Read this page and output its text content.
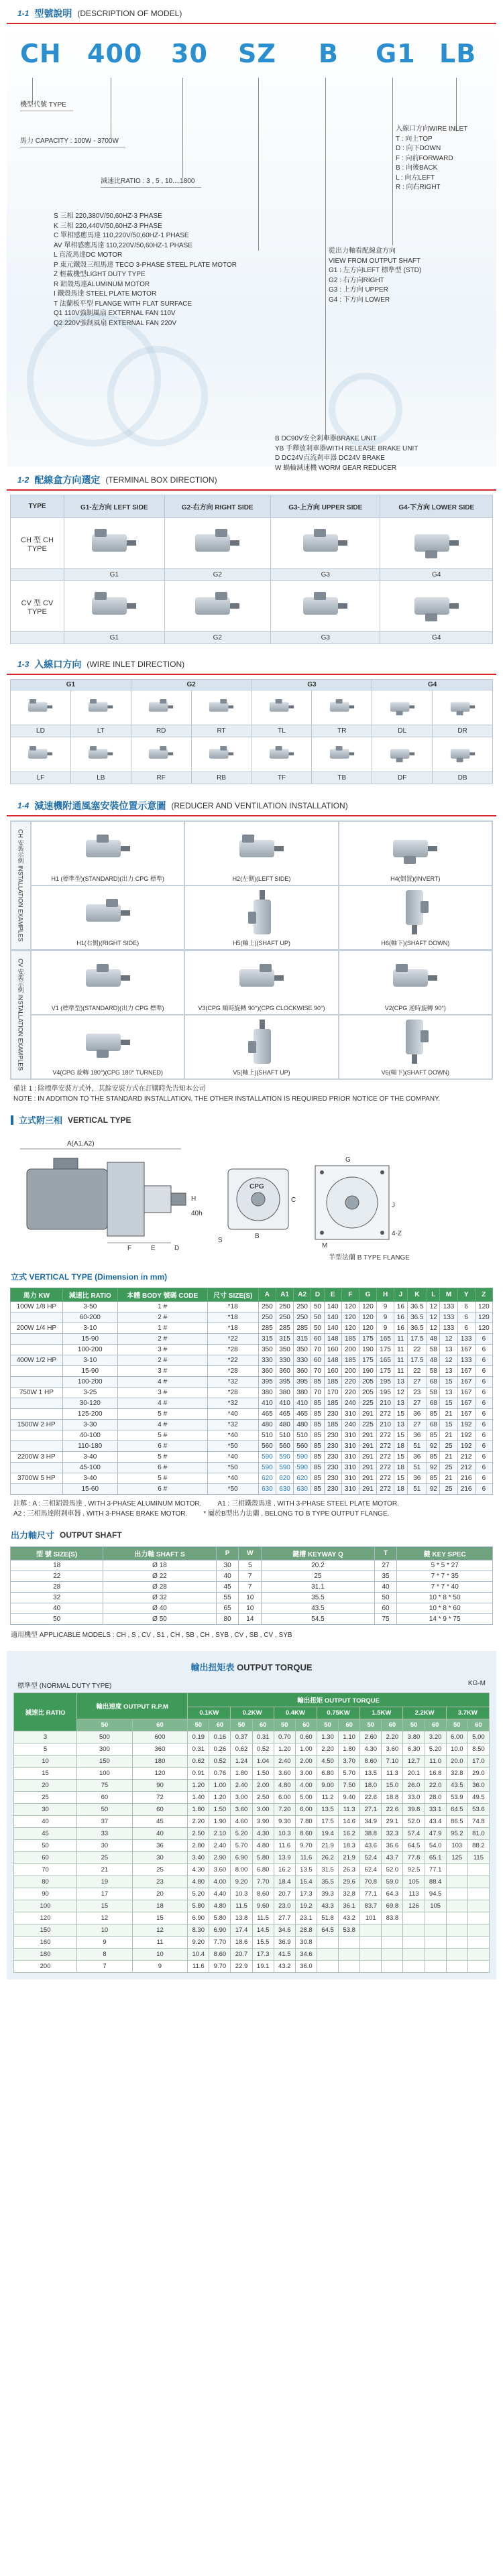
1-1 型號說明 (DESCRIPTION OF MODEL)
CH 400 30 SZ B G1 LB
機型代號 TYPE
馬力 CAPACITY : 100W - 3700W
減速比RATIO : 3 , 5 , 10....1800
S 三相 220,380V/50,60HZ-3 PHASE
K 三相 220,440V/50,60HZ-3 PHASE
C 單相感應馬達 110,220V/50,60HZ-1 PHASE
AV 單相感應馬達 110,220V/50,60HZ-1 PHASE
L 直流馬達DC MOTOR
P 東元鐵殼三相馬達 TECO 3-PHASE STEEL PLATE MOTOR
Z 輕載機型LIGHT DUTY TYPE
R 鋁殼馬達ALUMINUM MOTOR
I 鐵殼馬達 STEEL PLATE MOTOR
T 法蘭板平型 FLANGE WITH FLAT SURFACE
Q1 110V強制風扇 EXTERNAL FAN 110V
Q2 220V強制風扇 EXTERNAL FAN 220V
從出力軸看配線盒方向
VIEW FROM OUTPUT SHAFT
G1 : 左方向LEFT 標準型 (STD)
G2 : 右方向RIGHT
G3 : 上方向 UPPER
G4 : 下方向 LOWER
入線口方向WIRE INLET
T : 向上TOP
D : 向下DOWN
F : 向前FORWARD
B : 向後BACK
L : 向左LEFT
R : 向右RIGHT
B DC90V安全剎車器BRAKE UNIT
YB 手釋放剎車器WITH RELEASE BRAKE UNIT
D DC24V直流剎車器 DC24V BRAKE
W 蝸輪減速機 WORM GEAR REDUCER
1-2 配線盒方向選定 (TERMINAL BOX DIRECTION)
TYPE	G1-左方向 LEFT SIDE	G2-右方向 RIGHT SIDE	G3-上方向 UPPER SIDE	G4-下方向 LOWER SIDE
CH 型 CH TYPE	

	G1	G2	G3	G4
CV 型 CV TYPE	

	G1	G2	G3	G4
1-3 入線口方向 (WIRE INLET DIRECTION)
G1		G2		G3		G4	

LD	LT	RD	RT	TL	TR	DL	DR

LF	LB	RF	RB	TF	TB	DF	DB
1-4 減速機附通風塞安裝位置示意圖 (REDUCER AND VENTILATION INSTALLATION)
CH 安裝示例 INSTALLATION EXAMPLES	H1 (標準型)(STANDARD)(出力 CPG 標準)	H2(左側)(LEFT SIDE)	H4(倒置)(INVERT)
H1(右側)(RIGHT SIDE)	H5(軸上)(SHAFT UP)	H6(軸下)(SHAFT DOWN)
CV 安裝示例 INSTALLATION EXAMPLES	V1 (標準型)(STANDARD)(出力 CPG 標準)	V3(CPG 順時旋轉 90°)(CPG CLOCKWISE 90°)	V2(CPG 逆時旋轉 90°)
V4(CPG 旋轉 180°)(CPG 180° TURNED)	V5(軸上)(SHAFT UP)	V6(軸下)(SHAFT DOWN)
備註 1 : 除標準安裝方式外，其餘安裝方式在訂購時先告知本公司
NOTE : IN ADDITION TO THE STANDARD INSTALLATION, THE OTHER INSTALLATION IS REQUIRED PRIOR NOTICE OF THE COMPANY.
立式附三相 VERTICAL TYPE
A(A1,A2)
F	E	D
H
40h
B
C
G
4-Z
S
J
M
CPG
半型法蘭 B TYPE FLANGE
立式 VERTICAL TYPE (Dimension in mm)
馬力 KW	減速比 RATIO	本體 BODY 號碼 CODE	尺寸 SIZE(S)	A	A1	A2	D	E	F	G	H	J	K	L	M	Y	Z
100W 1/8 HP	3-50	1 #	*18	250	250	250	50	140	120	120	9	16	36.5	12	133	6	120
	60-200	2 #	*18	250	250	250	50	140	120	120	9	16	36.5	12	133	6	120
200W 1/4 HP	3-10	1 #	*18	285	285	285	50	140	120	120	9	16	36.5	12	133	6	120
	15-90	2 #	*22	315	315	315	60	148	185	175	165	11	17.5	48	12	133	6
	100-200	3 #	*28	350	350	350	70	160	200	190	175	11	22	58	13	167	6
400W 1/2 HP	3-10	2 #	*22	330	330	330	60	148	185	175	165	11	17.5	48	12	133	6
	15-90	3 #	*28	360	360	360	70	160	200	190	175	11	22	58	13	167	6
	100-200	4 #	*32	395	395	395	85	185	220	205	195	13	27	68	15	167	6
750W 1 HP	3-25	3 #	*28	380	380	380	70	170	220	205	195	12	23	58	13	167	6
	30-120	4 #	*32	410	410	410	85	185	240	225	210	13	27	68	15	167	6
	125-200	5 #	*40	465	465	465	85	230	310	291	272	15	36	85	21	167	6
1500W 2 HP	3-30	4 #	*32	480	480	480	85	185	240	225	210	13	27	68	15	192	6
	40-100	5 #	*40	510	510	510	85	230	310	291	272	15	36	85	21	192	6
	110-180	6 #	*50	560	560	560	85	230	310	291	272	18	51	92	25	192	6
2200W 3 HP	3-40	5 #	*40	590	590	590	85	230	310	291	272	15	36	85	21	212	6
	45-100	6 #	*50	590	590	590	85	230	310	291	272	18	51	92	25	212	6
3700W 5 HP	3-40	5 #	*40	620	620	620	85	230	310	291	272	15	36	85	21	216	6
	15-60	6 #	*50	630	630	630	85	230	310	291	272	18	51	92	25	216	6
註解 : A : 三相鋁殼馬達 , WITH 3-PHASE ALUMINUM MOTOR. A1 : 三相鐵殼馬達 , WITH 3-PHASE STEEL PLATE MOTOR.
A2 : 三相馬達附剎車器 , WITH 3-PHASE BRAKE MOTOR. * 屬於B型出力法蘭 , BELONG TO B TYPE OUTPUT FLANGE.
出力軸尺寸 OUTPUT SHAFT
型 號 SIZE(S)	出力軸 SHAFT S	P	W	鍵槽 KEYWAY Q	T	鍵 KEY SPEC
18	Ø 18	30	5	20.2	27	5 * 5 * 27
22	Ø 22	40	7	25	35	7 * 7 * 35
28	Ø 28	45	7	31.1	40	7 * 7 * 40
32	Ø 32	55	10	35.5	50	10 * 8 * 50
40	Ø 40	65	10	43.5	60	10 * 8 * 60
50	Ø 50	80	14	54.5	75	14 * 9 * 75
適用機型 APPLICABLE MODELS : CH , S , CV , S1 , CH , SB , CH , SYB , CV , SB , CV , SYB
輸出扭矩表 OUTPUT TORQUE
標準型 (NORMAL DUTY TYPE)	KG-M
減速比 RATIO	輸出速度 OUTPUT R.P.M		輸出扭矩 OUTPUT TORQUE													
			0.1KW		0.2KW		0.4KW		0.75KW		1.5KW		2.2KW		3.7KW	
	50	60	50	60	50	60	50	60	50	60	50	60	50	60	50	60
3	500	600	0.19	0.16	0.37	0.31	0.70	0.60	1.30	1.10	2.60	2.20	3.80	3.20	6.00	5.00
5	300	360	0.31	0.26	0.62	0.52	1.20	1.00	2.20	1.80	4.30	3.60	6.30	5.20	10.0	8.50
10	150	180	0.62	0.52	1.24	1.04	2.40	2.00	4.50	3.70	8.60	7.10	12.7	11.0	20.0	17.0
15	100	120	0.91	0.76	1.80	1.50	3.60	3.00	6.80	5.70	13.5	11.3	20.1	16.8	32.8	29.0
20	75	90	1.20	1.00	2.40	2.00	4.80	4.00	9.00	7.50	18.0	15.0	26.0	22.0	43.5	36.0
25	60	72	1.40	1.20	3.00	2.50	6.00	5.00	11.2	9.40	22.6	18.8	33.0	28.0	53.9	49.5
30	50	60	1.80	1.50	3.60	3.00	7.20	6.00	13.5	11.3	27.1	22.6	39.8	33.1	64.5	53.6
40	37	45	2.20	1.90	4.60	3.90	9.30	7.80	17.5	14.6	34.9	29.1	52.0	43.4	86.5	74.8
45	33	40	2.50	2.10	5.20	4.30	10.3	8.60	19.4	16.2	38.8	32.3	57.4	47.9	95.2	81.0
50	30	36	2.80	2.40	5.70	4.80	11.6	9.70	21.9	18.3	43.6	36.6	64.5	54.0	103	88.2
60	25	30	3.40	2.90	6.90	5.80	13.9	11.6	26.2	21.9	52.4	43.7	77.8	65.1	125	115
70	21	25	4.30	3.60	8.00	6.80	16.2	13.5	31.5	26.3	62.4	52.0	92.5	77.1		
80	19	23	4.80	4.00	9.20	7.70	18.4	15.4	35.5	29.6	70.8	59.0	105	88.4		
90	17	20	5.20	4.40	10.3	8.60	20.7	17.3	39.3	32.8	77.1	64.3	113	94.5		
100	15	18	5.80	4.80	11.5	9.60	23.0	19.2	43.3	36.1	83.7	69.8	126	105		
120	12	15	6.90	5.80	13.8	11.5	27.7	23.1	51.8	43.2	101	83.8				
150	10	12	8.30	6.90	17.4	14.5	34.6	28.8	64.5	53.8						
160	9	11	9.20	7.70	18.6	15.5	36.9	30.8								
180	8	10	10.4	8.60	20.7	17.3	41.5	34.6								
200	7	9	11.6	9.70	22.9	19.1	43.2	36.0								
